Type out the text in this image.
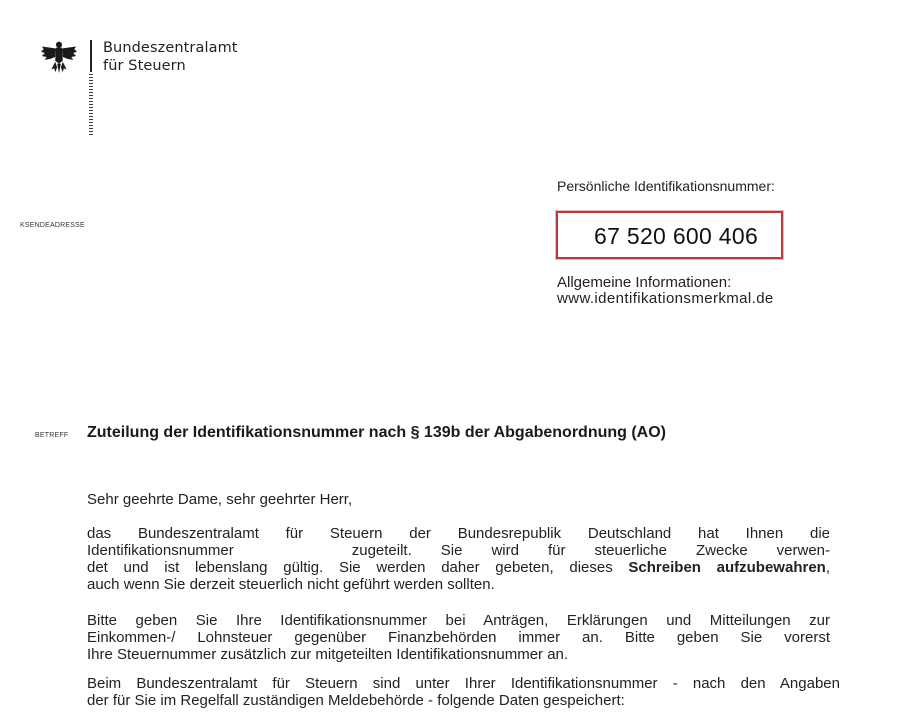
Bundeszentralamt
für Steuern
KSENDEADRESSE
Persönliche Identifikationsnummer:
67 520 600 406
Allgemeine Informationen:
www.identifikationsmerkmal.de
BETREFF Zuteilung der Identifikationsnummer nach § 139b der Abgabenordnung (AO)
Sehr geehrte Dame, sehr geehrter Herr,
das Bundeszentralamt für Steuern der Bundesrepublik Deutschland hat Ihnen die
Identifikationsnummer	zugeteilt. Sie wird für steuerliche Zwecke verwen-
det und ist lebenslang gültig. Sie werden daher gebeten, dieses Schreiben aufzubewahren,
auch wenn Sie derzeit steuerlich nicht geführt werden sollten.
Bitte geben Sie Ihre Identifikationsnummer bei Anträgen, Erklärungen und Mitteilungen zur
Einkommen-/ Lohnsteuer gegenüber Finanzbehörden immer an. Bitte geben Sie vorerst
Ihre Steuernummer zusätzlich zur mitgeteilten Identifikationsnummer an.
Beim Bundeszentralamt für Steuern sind unter Ihrer Identifikationsnummer - nach den Angaben
der für Sie im Regelfall zuständigen Meldebehörde - folgende Daten gespeichert:
